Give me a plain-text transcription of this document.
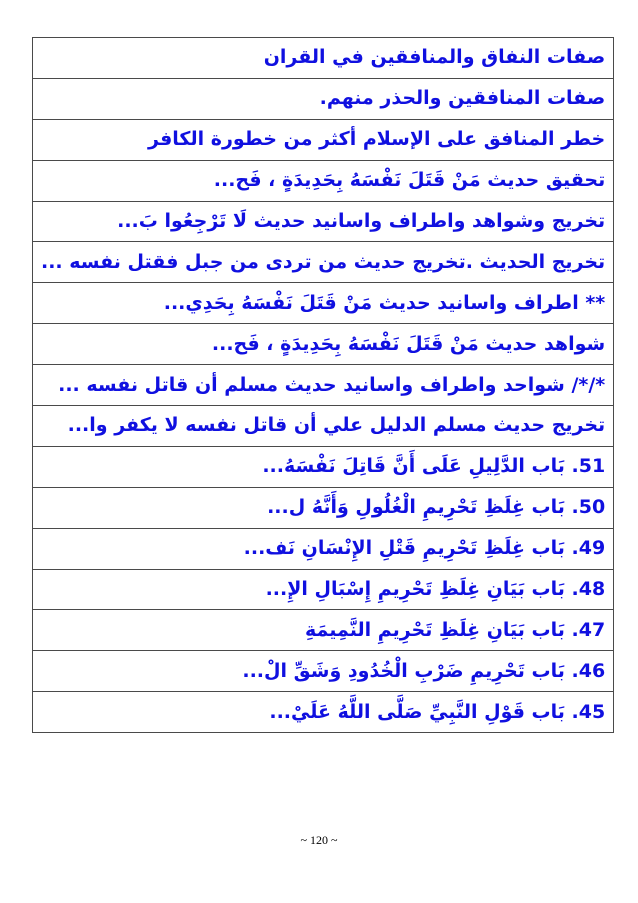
صفات النفاق والمنافقين في القران
صفات المنافقين والحذر منهم.
خطر المنافق على الإسلام أكثر من خطورة الكافر
تحقيق حديث مَنْ قَتَلَ نَفْسَهُ بِحَدِيدَةٍ ، فَح...
تخريج وشواهد واطراف واسانيد حديث لَا تَرْجِعُوا بَ...
تخريج الحديث .تخريج حديث من تردى من جبل فقتل نفسه ...
** اطراف واسانيد حديث مَنْ قَتَلَ نَفْسَهُ بِحَدِي...
شواهد حديث مَنْ قَتَلَ نَفْسَهُ بِحَدِيدَةٍ ، فَح...
*/*/ شواحد واطراف واسانيد حديث مسلم أن قاتل نفسه ...
تخريج حديث مسلم الدليل علي أن قاتل نفسه لا يكفر وا...
51. بَاب الدَّلِيلِ عَلَى أَنَّ قَاتِلَ نَفْسَهُ...
50. بَاب غِلَظِ تَحْرِيمِ الْغُلُولِ وَأَنَّهُ ل...
49. بَاب غِلَظِ تَحْرِيمِ قَتْلِ الإِنْسَانِ نَف...
48. بَاب بَيَانِ غِلَظِ تَحْرِيمِ إِسْبَالِ الإِ...
47. بَاب بَيَانِ غِلَظِ تَحْرِيمِ النَّمِيمَةِ
46. بَاب تَحْرِيمِ ضَرْبِ الْخُدُودِ وَشَقِّ الْ...
45. بَاب قَوْلِ النَّبِيِّ صَلَّى اللَّهُ عَلَيْ...
~ 120 ~
